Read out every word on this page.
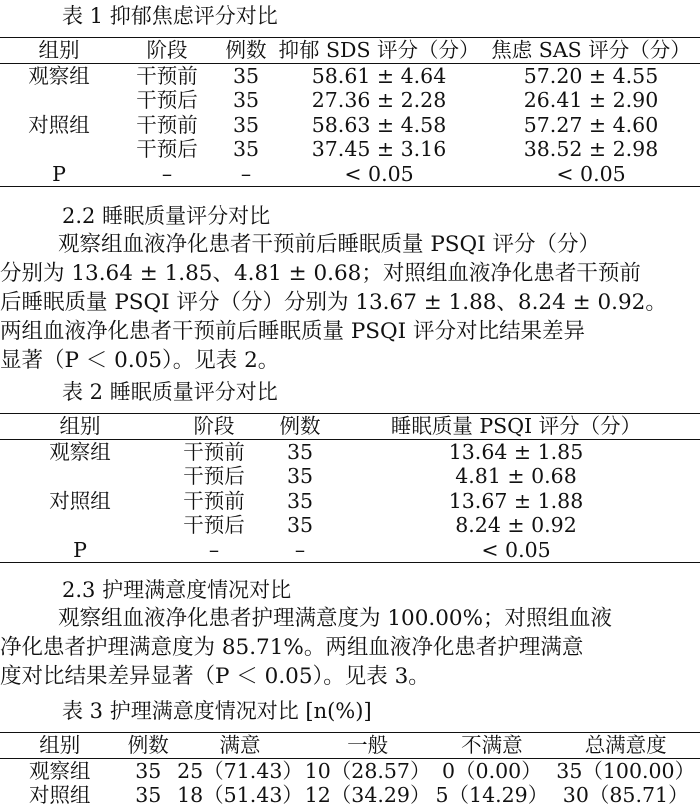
表 1 抑郁焦虑评分对比
组别	阶段	例数	抑郁 SDS 评分（分）	焦虑 SAS 评分（分）
观察组	干预前	35	58.61 ± 4.64	57.20 ± 4.55
	干预后	35	27.36 ± 2.28	26.41 ± 2.90
对照组	干预前	35	58.63 ± 4.58	57.27 ± 4.60
	干预后	35	37.45 ± 3.16	38.52 ± 2.98
P	–	–	< 0.05	< 0.05
2.2 睡眠质量评分对比
观察组血液净化患者干预前后睡眠质量 PSQI 评分（分）
分别为 13.64 ± 1.85、4.81 ± 0.68；对照组血液净化患者干预前
后睡眠质量 PSQI 评分（分）分别为 13.67 ± 1.88、8.24 ± 0.92。
两组血液净化患者干预前后睡眠质量 PSQI 评分对比结果差异
显著（P ＜ 0.05）。见表 2。
表 2 睡眠质量评分对比
组别	阶段	例数	睡眠质量 PSQI 评分（分）
观察组	干预前	35	13.64 ± 1.85
	干预后	35	4.81 ± 0.68
对照组	干预前	35	13.67 ± 1.88
	干预后	35	8.24 ± 0.92
P	–	–	< 0.05
2.3 护理满意度情况对比
观察组血液净化患者护理满意度为 100.00%；对照组血液
净化患者护理满意度为 85.71%。两组血液净化患者护理满意
度对比结果差异显著（P ＜ 0.05）。见表 3。
表 3 护理满意度情况对比 [n(%)]
组别	例数	满意	一般	不满意	总满意度
观察组	35	25（71.43）	10（28.57）	0（0.00）	35（100.00）
对照组	35	18（51.43）	12（34.29）	5（14.29）	30（85.71）
